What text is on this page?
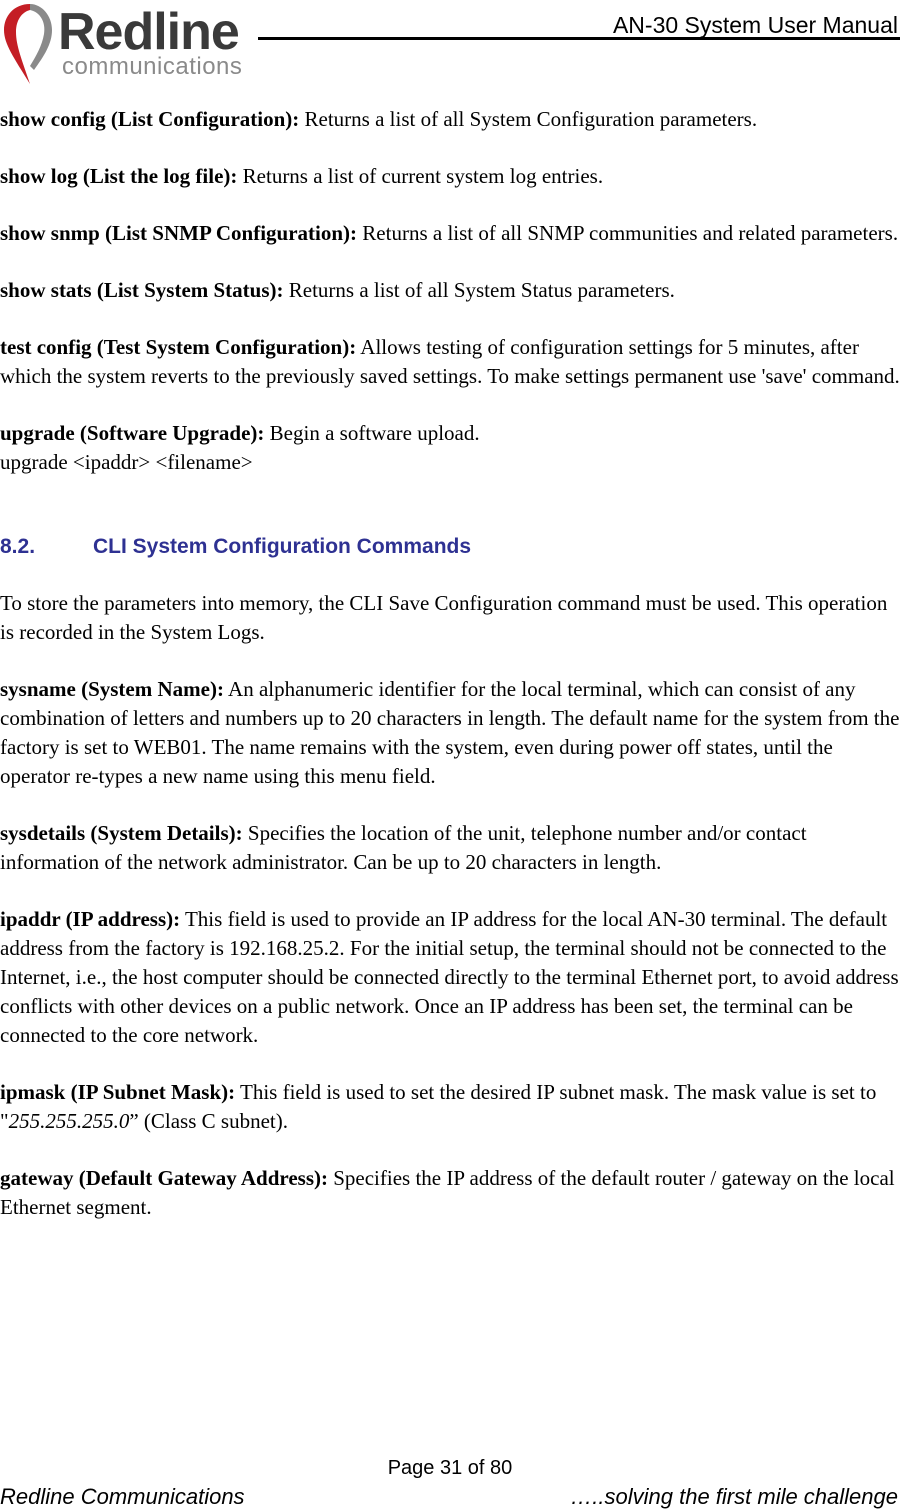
Redline
communications
AN-30 System User Manual

show config (List Configuration): Returns a list of all System Configuration parameters.

show log (List the log file): Returns a list of current system log entries.

show snmp (List SNMP Configuration): Returns a list of all SNMP communities and related parameters.

show stats (List System Status): Returns a list of all System Status parameters.

test config (Test System Configuration): Allows testing of configuration settings for 5 minutes, after which the system reverts to the previously saved settings. To make settings permanent use 'save' command.

upgrade (Software Upgrade): Begin a software upload.
upgrade <ipaddr> <filename>

8.2.	CLI System Configuration Commands

To store the parameters into memory, the CLI Save Configuration command must be used. This operation is recorded in the System Logs.

sysname (System Name): An alphanumeric identifier for the local terminal, which can consist of any combination of letters and numbers up to 20 characters in length. The default name for the system from the factory is set to WEB01. The name remains with the system, even during power off states, until the operator re-types a new name using this menu field.

sysdetails (System Details): Specifies the location of the unit, telephone number and/or contact information of the network administrator. Can be up to 20 characters in length.

ipaddr (IP address): This field is used to provide an IP address for the local AN-30 terminal. The default address from the factory is 192.168.25.2. For the initial setup, the terminal should not be connected to the Internet, i.e., the host computer should be connected directly to the terminal Ethernet port, to avoid address conflicts with other devices on a public network. Once an IP address has been set, the terminal can be connected to the core network.

ipmask (IP Subnet Mask): This field is used to set the desired IP subnet mask. The mask value is set to "255.255.255.0” (Class C subnet).

gateway (Default Gateway Address): Specifies the IP address of the default router / gateway on the local Ethernet segment.

Page 31 of 80
Redline Communications	…..solving the first mile challenge
